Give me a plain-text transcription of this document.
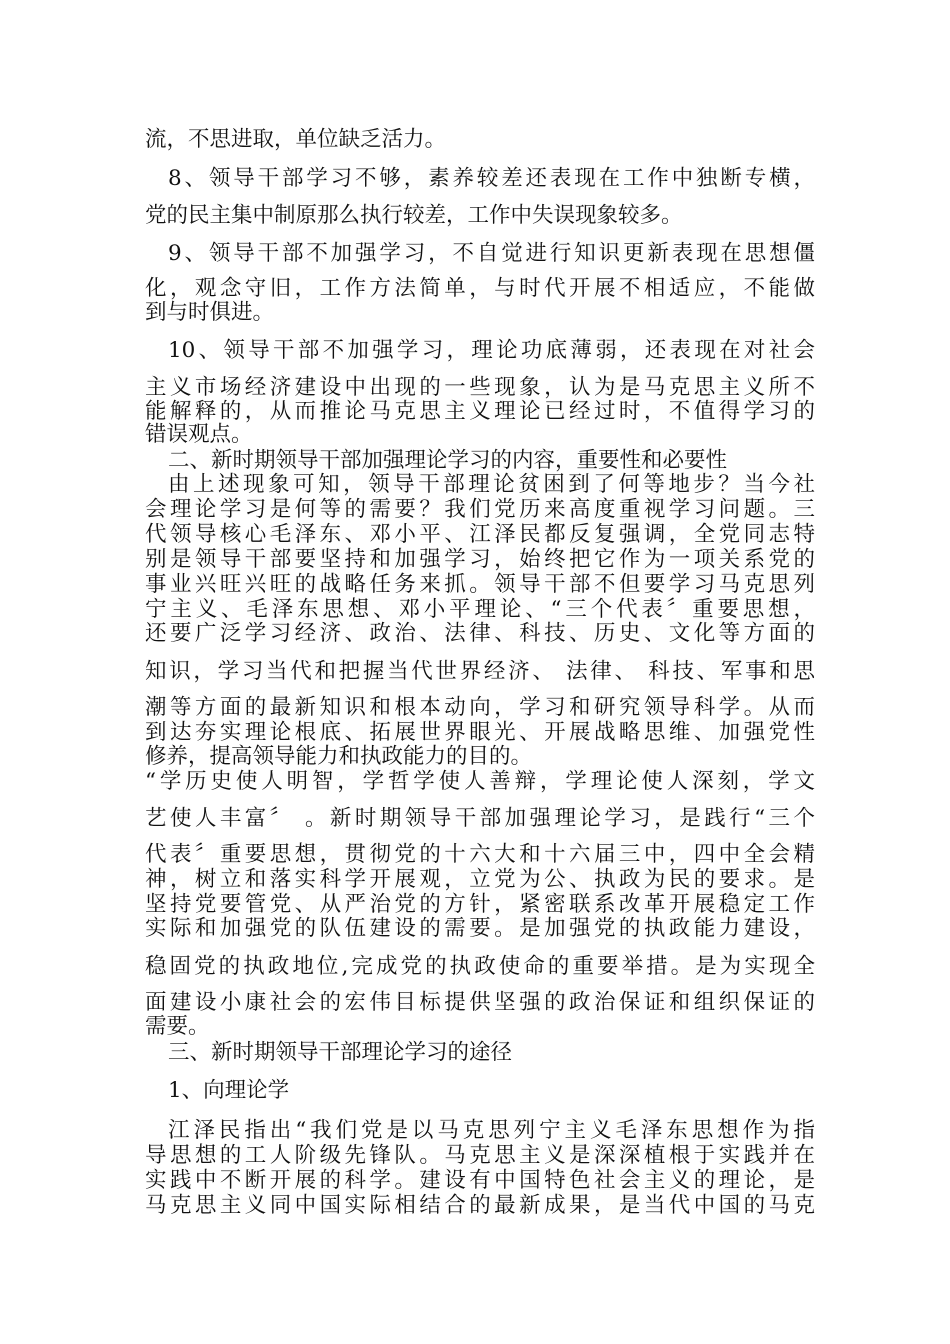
流，不思进取，单位缺乏活力。
8、领导干部学习不够，素养较差还表现在工作中独断专横，
党的民主集中制原那么执行较差，工作中失误现象较多。
9、领导干部不加强学习，不自觉进行知识更新表现在思想僵
化，观念守旧，工作方法简单，与时代开展不相适应，不能做
到与时俱进。
10、领导干部不加强学习，理论功底薄弱，还表现在对社会
主义市场经济建设中出现的一些现象，认为是马克思主义所不
能解释的，从而推论马克思主义理论已经过时，不值得学习的
错误观点。
二、新时期领导干部加强理论学习的内容，重要性和必要性
由上述现象可知，领导干部理论贫困到了何等地步？当今社
会理论学习是何等的需要？我们党历来高度重视学习问题。三
代领导核心毛泽东、邓小平、江泽民都反复强调，全党同志特
别是领导干部要坚持和加强学习，始终把它作为一项关系党的
事业兴旺兴旺的战略任务来抓。领导干部不但要学习马克思列
宁主义、毛泽东思想、邓小平理论、“三个代表〞重要思想，
还要广泛学习经济、政治、法律、科技、历史、文化等方面的
知识，学习当代和把握当代世界经济、 法律、 科技、军事和思
潮等方面的最新知识和根本动向，学习和研究领导科学。从而
到达夯实理论根底、拓展世界眼光、开展战略思维、加强党性
修养，提高领导能力和执政能力的目的。
“学历史使人明智，学哲学使人善辩，学理论使人深刻，学文
艺使人丰富〞 。新时期领导干部加强理论学习，是践行“三个
代表〞重要思想，贯彻党的十六大和十六届三中，四中全会精
神，树立和落实科学开展观，立党为公、执政为民的要求。是
坚持党要管党、从严治党的方针，紧密联系改革开展稳定工作
实际和加强党的队伍建设的需要。是加强党的执政能力建设，
稳固党的执政地位,完成党的执政使命的重要举措。是为实现全
面建设小康社会的宏伟目标提供坚强的政治保证和组织保证的
需要。
三、新时期领导干部理论学习的途径
1、向理论学
江泽民指出“我们党是以马克思列宁主义毛泽东思想作为指
导思想的工人阶级先锋队。马克思主义是深深植根于实践并在
实践中不断开展的科学。建设有中国特色社会主义的理论，是
马克思主义同中国实际相结合的最新成果，是当代中国的马克
